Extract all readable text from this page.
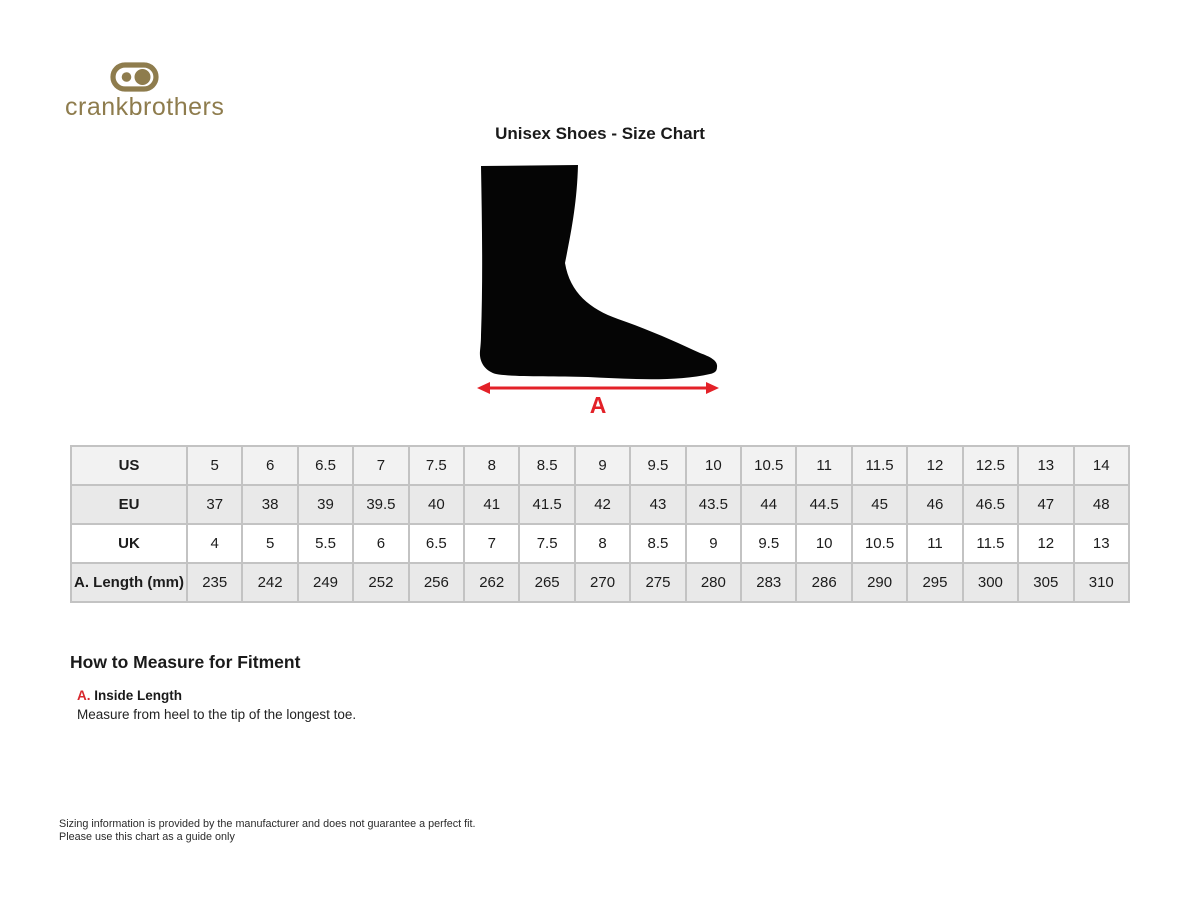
crankbrothers
Unisex Shoes - Size Chart
A
US	5	6	6.5	7	7.5	8	8.5	9	9.5	10	10.5	11	11.5	12	12.5	13	14
EU	37	38	39	39.5	40	41	41.5	42	43	43.5	44	44.5	45	46	46.5	47	48
UK	4	5	5.5	6	6.5	7	7.5	8	8.5	9	9.5	10	10.5	11	11.5	12	13
A. Length (mm)	235	242	249	252	256	262	265	270	275	280	283	286	290	295	300	305	310
How to Measure for Fitment
A. Inside Length
Measure from heel to the tip of the longest toe.
Sizing information is provided by the manufacturer and does not guarantee a perfect fit.
Please use this chart as a guide only
